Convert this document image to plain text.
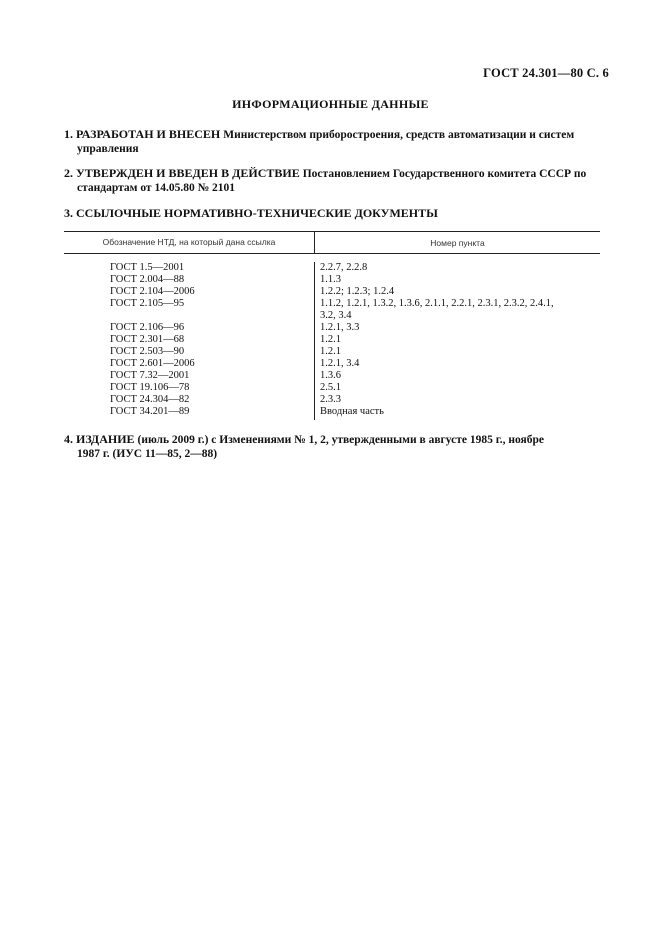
ГОСТ 24.301—80 С. 6
ИНФОРМАЦИОННЫЕ ДАННЫЕ
1. РАЗРАБОТАН И ВНЕСЕН Министерством приборостроения, средств автоматизации и систем
управления
2. УТВЕРЖДЕН И ВВЕДЕН В ДЕЙСТВИЕ Постановлением Государственного комитета СССР по
стандартам от 14.05.80 № 2101
3. ССЫЛОЧНЫЕ НОРМАТИВНО-ТЕХНИЧЕСКИЕ ДОКУМЕНТЫ
Обозначение НТД, на который дана ссылка	Номер пункта
ГОСТ 1.5—2001
ГОСТ 2.004—88
ГОСТ 2.104—2006
ГОСТ 2.105—95
ГОСТ 2.106—96
ГОСТ 2.301—68
ГОСТ 2.503—90
ГОСТ 2.601—2006
ГОСТ 7.32—2001
ГОСТ 19.106—78
ГОСТ 24.304—82
ГОСТ 34.201—89
2.2.7, 2.2.8
1.1.3
1.2.2; 1.2.3; 1.2.4
1.1.2, 1.2.1, 1.3.2, 1.3.6, 2.1.1, 2.2.1, 2.3.1, 2.3.2, 2.4.1,
3.2, 3.4
1.2.1, 3.3
1.2.1
1.2.1
1.2.1, 3.4
1.3.6
2.5.1
2.3.3
Вводная часть
4. ИЗДАНИЕ (июль 2009 г.) с Изменениями № 1, 2, утвержденными в августе 1985 г., ноябре
1987 г. (ИУС 11—85, 2—88)
